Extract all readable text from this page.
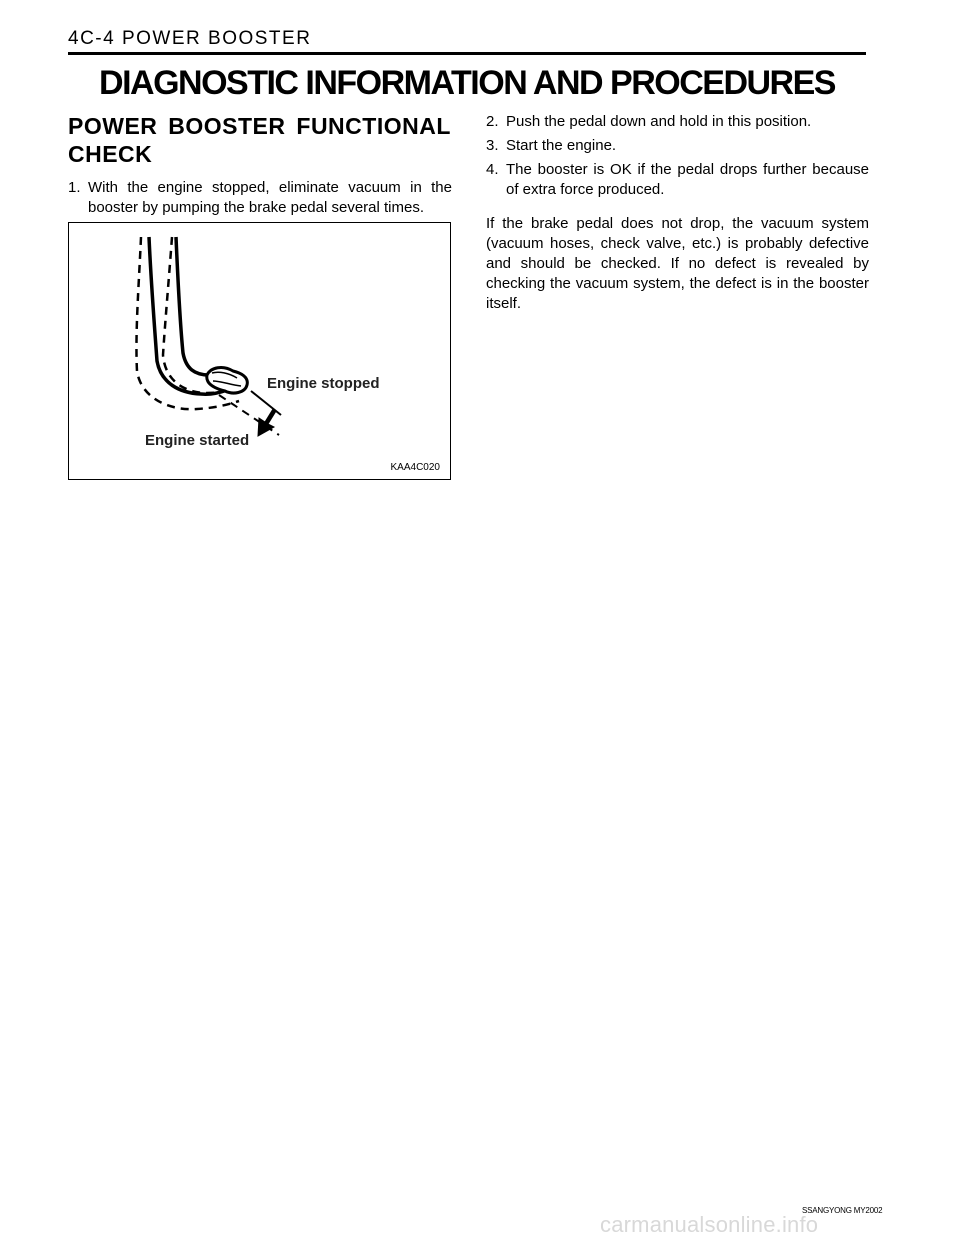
4C-4 POWER BOOSTER
DIAGNOSTIC INFORMATION AND PROCEDURES

POWER BOOSTER FUNCTIONAL
CHECK

1. With the engine stopped, eliminate vacuum in the booster by pumping the brake pedal several times.

Engine stopped
Engine started
KAA4C020

2. Push the pedal down and hold in this position.

3. Start the engine.

4. The booster is OK if the pedal drops further because of extra force produced.

If the brake pedal does not drop, the vacuum system (vacuum hoses, check valve, etc.) is probably defective and should be checked. If no defect is revealed by checking the vacuum system, the defect is in the booster itself.

SSANGYONG MY2002
carmanualsonline.info
